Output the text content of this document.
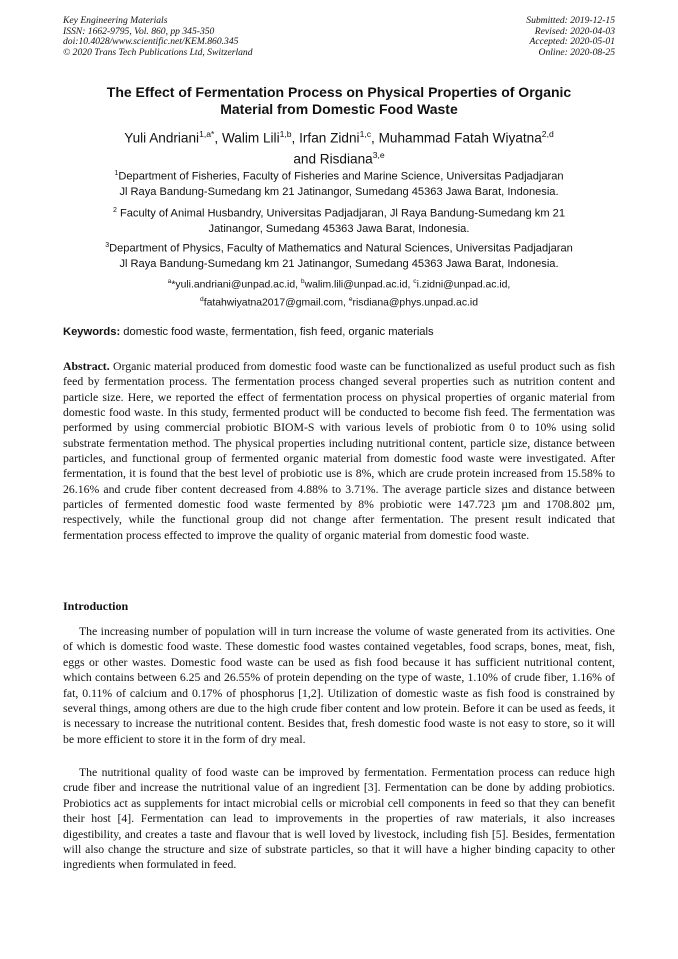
Key Engineering Materials
ISSN: 1662-9795, Vol. 860, pp 345-350
doi:10.4028/www.scientific.net/KEM.860.345
© 2020 Trans Tech Publications Ltd, Switzerland
Submitted: 2019-12-15
Revised: 2020-04-03
Accepted: 2020-05-01
Online: 2020-08-25
The Effect of Fermentation Process on Physical Properties of Organic
Material from Domestic Food Waste
Yuli Andriani$^{1,a*}$, Walim Lili$^{1,b}$, Irfan Zidni$^{1,c}$, Muhammad Fatah Wiyatna$^{2,d}$
and Risdiana$^{3,e}$
$^1$Department of Fisheries, Faculty of Fisheries and Marine Science, Universitas Padjadjaran
Jl Raya Bandung-Sumedang km 21 Jatinangor, Sumedang 45363 Jawa Barat, Indonesia.
$^2$ Faculty of Animal Husbandry, Universitas Padjadjaran, Jl Raya Bandung-Sumedang km 21
Jatinangor, Sumedang 45363 Jawa Barat, Indonesia.
$^3$Department of Physics, Faculty of Mathematics and Natural Sciences, Universitas Padjadjaran
Jl Raya Bandung-Sumedang km 21 Jatinangor, Sumedang 45363 Jawa Barat, Indonesia.
$^a$*yuli.andriani@unpad.ac.id, $^b$walim.lili@unpad.ac.id, $^c$i.zidni@unpad.ac.id,
$^d$fatahwiyatna2017@gmail.com, $^e$risdiana@phys.unpad.ac.id
Keywords: domestic food waste, fermentation, fish feed, organic materials
Abstract. Organic material produced from domestic food waste can be functionalized as useful product such as fish feed by fermentation process. The fermentation process changed several properties such as nutrition content and particle size. Here, we reported the effect of fermentation process on physical properties of organic material from domestic food waste. In this study, fermented product will be conducted to become fish feed. The fermentation was performed by using commercial probiotic BIOM-S with various levels of probiotic from 0 to 10% using solid substrate fermentation method. The physical properties including nutritional content, particle size, distance between particles, and functional group of fermented organic material from domestic food waste were investigated. After fermentation, it is found that the best level of probiotic use is 8%, which are crude protein increased from 15.58% to 26.16% and crude fiber content decreased from 4.88% to 3.71%. The average particle sizes and distance between particles of fermented domestic food waste fermented by 8% probiotic were 147.723 µm and 1708.802 µm, respectively, while the functional group did not change after fermentation. The present result indicated that fermentation process effected to improve the quality of organic material from domestic food waste.
Introduction
The increasing number of population will in turn increase the volume of waste generated from its activities. One of which is domestic food waste. These domestic food wastes contained vegetables, food scraps, bones, meat, fish, eggs or other wastes. Domestic food waste can be used as fish food because it has sufficient nutritional content, which contains between 6.25 and 26.55% of protein depending on the type of waste, 1.10% of crude fiber, 1.16% of fat, 0.11% of calcium and 0.17% of phosphorus [1,2]. Utilization of domestic waste as fish food is constrained by several things, among others are due to the high crude fiber content and low protein. Before it can be used as feeds, it is necessary to increase the nutritional content. Besides that, fresh domestic food waste is not easy to store, so it will be more efficient to store it in the form of dry meal.
The nutritional quality of food waste can be improved by fermentation. Fermentation process can reduce high crude fiber and increase the nutritional value of an ingredient [3]. Fermentation can be done by adding probiotics. Probiotics act as supplements for intact microbial cells or microbial cell components in feed so that they can benefit their host [4]. Fermentation can lead to improvements in the properties of raw materials, it also increases digestibility, and creates a taste and flavour that is well loved by livestock, including fish [5]. Besides, fermentation will also change the structure and size of substrate particles, so that it will have a higher binding capacity to other ingredients when formulated in feed.
